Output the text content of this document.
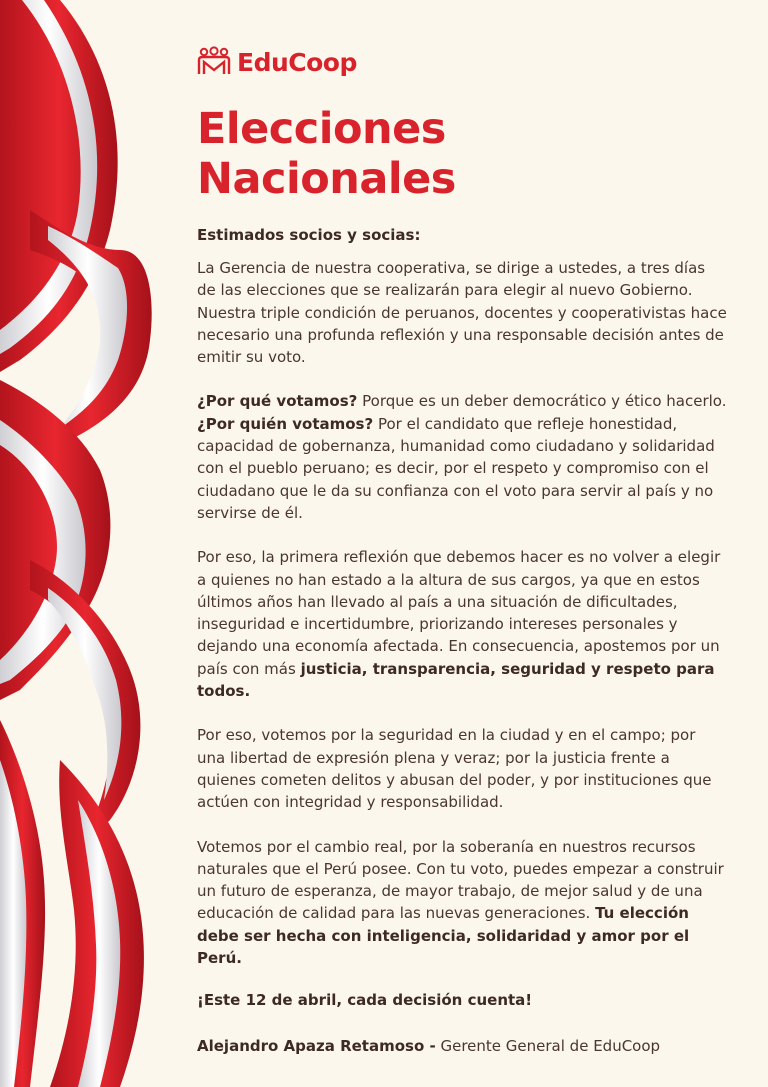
EduCoop
Elecciones
Nacionales

Estimados socios y socias:

La Gerencia de nuestra cooperativa, se dirige a ustedes, a tres días de las elecciones que se realizarán para elegir al nuevo Gobierno. Nuestra triple condición de peruanos, docentes y cooperativistas hace necesario una profunda reflexión y una responsable decisión antes de emitir su voto.

¿Por qué votamos? Porque es un deber democrático y ético hacerlo. ¿Por quién votamos? Por el candidato que refleje honestidad, capacidad de gobernanza, humanidad como ciudadano y solidaridad con el pueblo peruano; es decir, por el respeto y compromiso con el ciudadano que le da su confianza con el voto para servir al país y no servirse de él.

Por eso, la primera reflexión que debemos hacer es no volver a elegir a quienes no han estado a la altura de sus cargos, ya que en estos últimos años han llevado al país a una situación de dificultades, inseguridad e incertidumbre, priorizando intereses personales y dejando una economía afectada. En consecuencia, apostemos por un país con más justicia, transparencia, seguridad y respeto para todos.

Por eso, votemos por la seguridad en la ciudad y en el campo; por una libertad de expresión plena y veraz; por la justicia frente a quienes cometen delitos y abusan del poder, y por instituciones que actúen con integridad y responsabilidad.

Votemos por el cambio real, por la soberanía en nuestros recursos naturales que el Perú posee. Con tu voto, puedes empezar a construir un futuro de esperanza, de mayor trabajo, de mejor salud y de una educación de calidad para las nuevas generaciones. Tu elección debe ser hecha con inteligencia, solidaridad y amor por el Perú.

¡Este 12 de abril, cada decisión cuenta!

Alejandro Apaza Retamoso - Gerente General de EduCoop
